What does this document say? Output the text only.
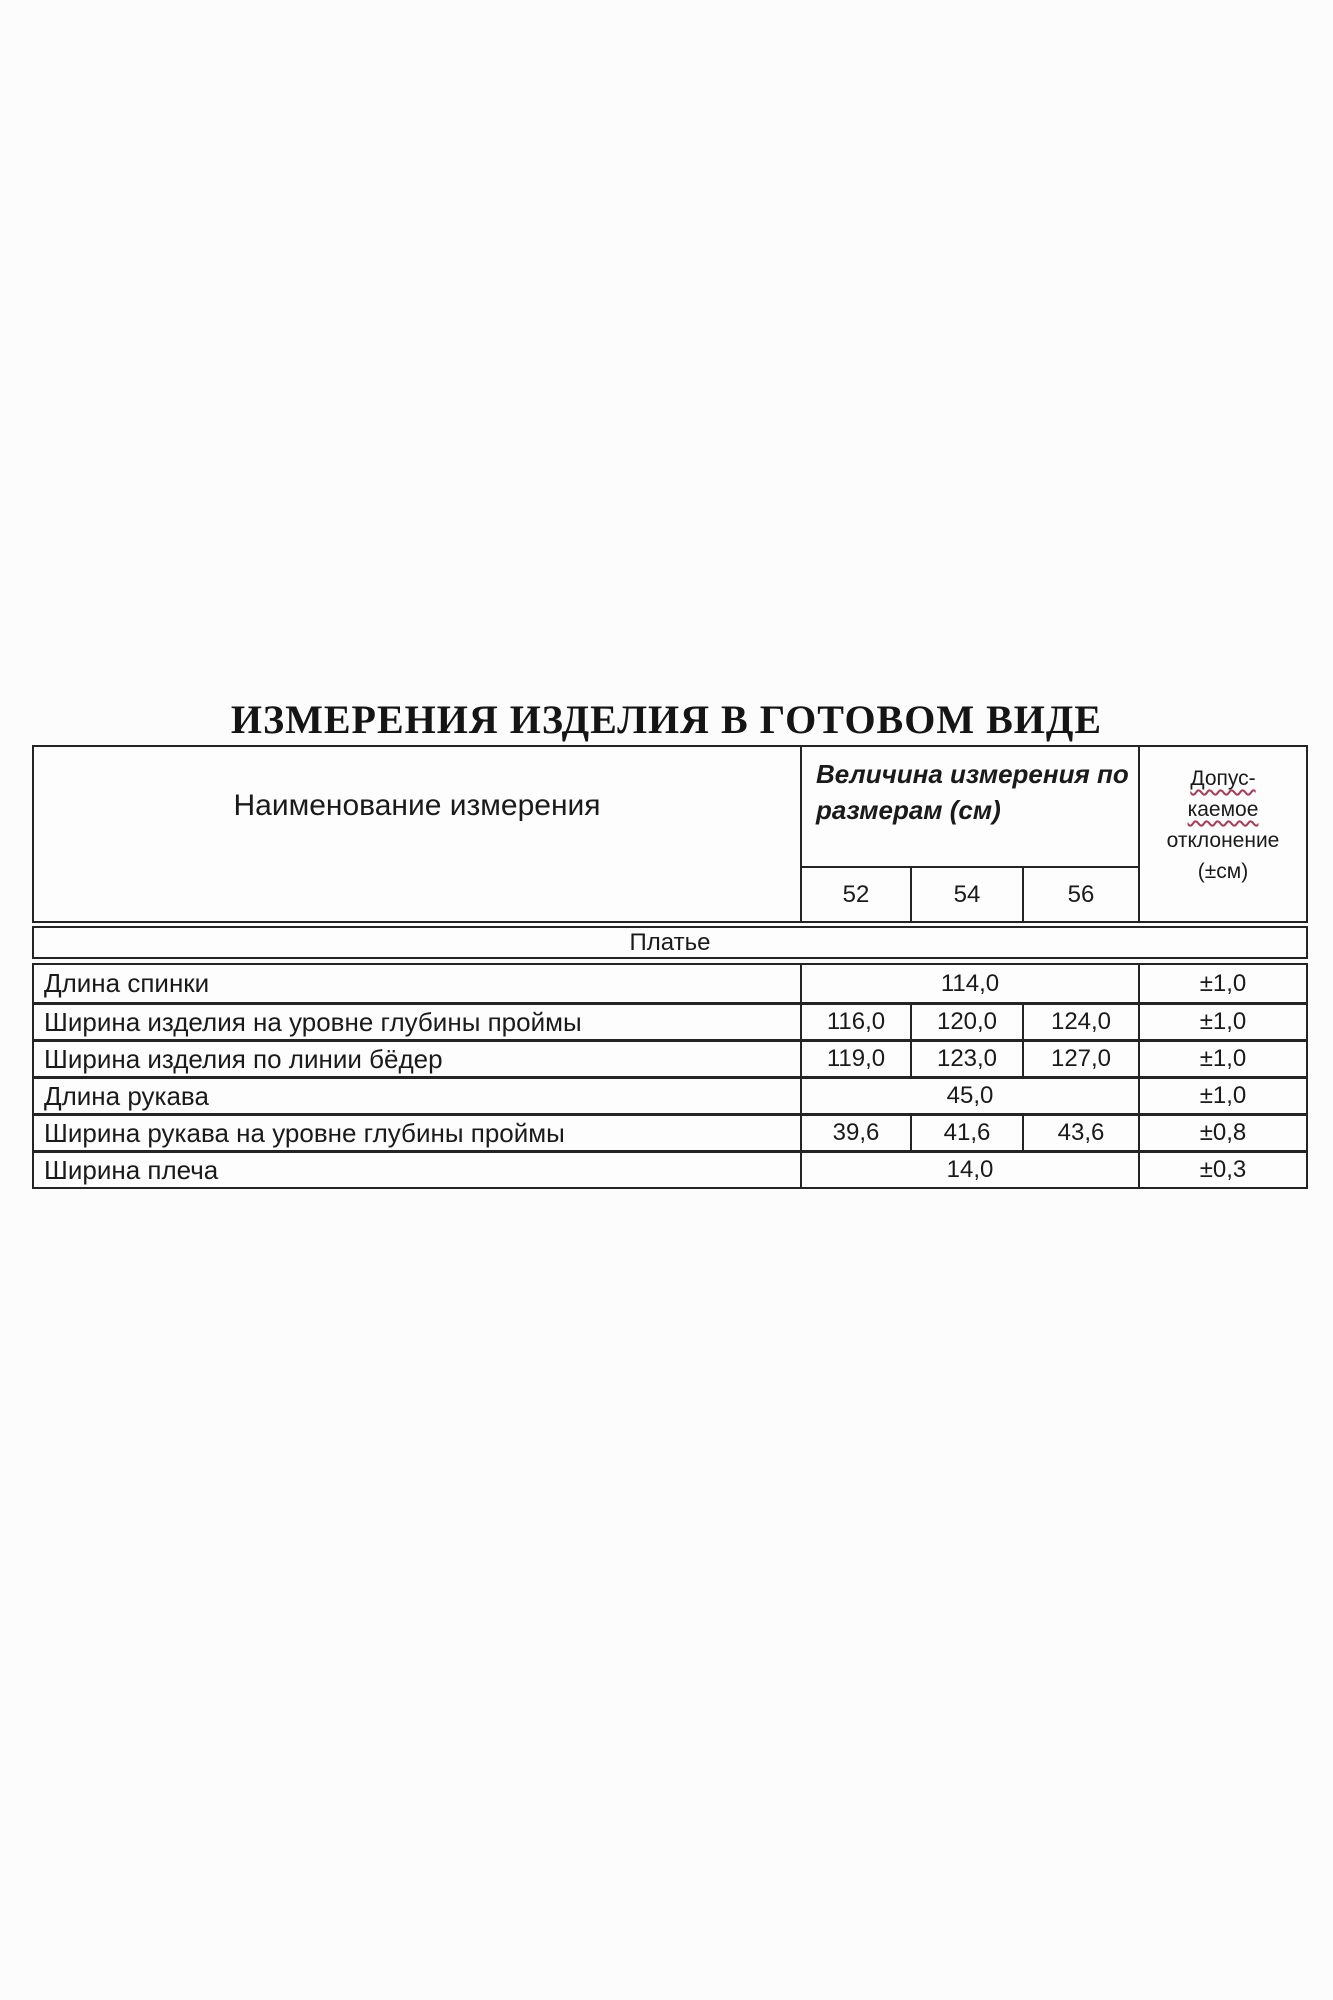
ИЗМЕРЕНИЯ ИЗДЕЛИЯ В ГОТОВОМ ВИДЕ
Наименование измерения
Величина измерения по размерам (см)
52	54	56
Допус-
каемое
отклонение
(±см)
Платье
Длина спинки	114,0	±1,0
Ширина изделия на уровне глубины проймы	116,0	120,0	124,0	±1,0
Ширина изделия по линии бёдер	119,0	123,0	127,0	±1,0
Длина рукава	45,0	±1,0
Ширина рукава на уровне глубины проймы	39,6	41,6	43,6	±0,8
Ширина плеча	14,0	±0,3
